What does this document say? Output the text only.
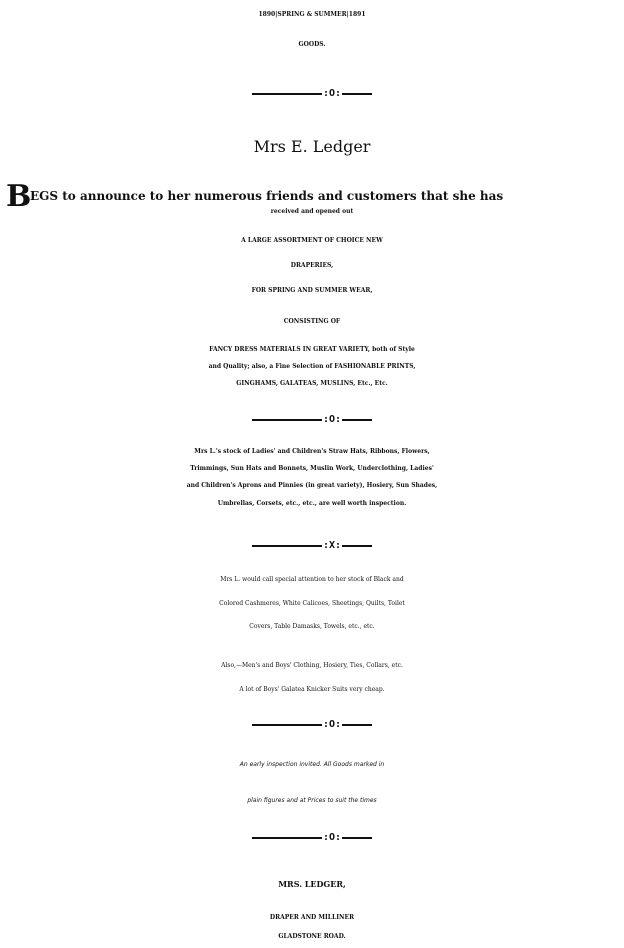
1890|SPRING & SUMMER|1891
GOODS.
:O:
Mrs E. Ledger
B
EGS to announce to her numerous friends and customers that she has
received and opened out
A LARGE ASSORTMENT OF CHOICE NEW
DRAPERIES,
FOR SPRING AND SUMMER WEAR,
CONSISTING OF
FANCY DRESS MATERIALS IN GREAT VARIETY, both of Style
and Quality; also, a Fine Selection of FASHIONABLE PRINTS,
GINGHAMS, GALATEAS, MUSLINS, Etc., Etc.
:O:
Mrs L.'s stock of Ladies' and Children's Straw Hats, Ribbons, Flowers,
Trimmings, Sun Hats and Bonnets, Muslin Work, Underclothing, Ladies'
and Children's Aprons and Pinnies (in great variety), Hosiery, Sun Shades,
Umbrellas, Corsets, etc., etc., are well worth inspection.
:X:
Mrs L. would call special attention to her stock of Black and
Colored Cashmeres, White Calicoes, Sheetings, Quilts, Toilet
Covers, Table Damasks, Towels, etc., etc.
Also,—Men's and Boys' Clothing, Hosiery, Ties, Collars, etc.
A lot of Boys' Galatea Knicker Suits very cheap.
:O:
An early inspection invited. All Goods marked in
plain figures and at Prices to suit the times
:O:
MRS. LEDGER,
DRAPER AND MILLINER
GLADSTONE ROAD.
